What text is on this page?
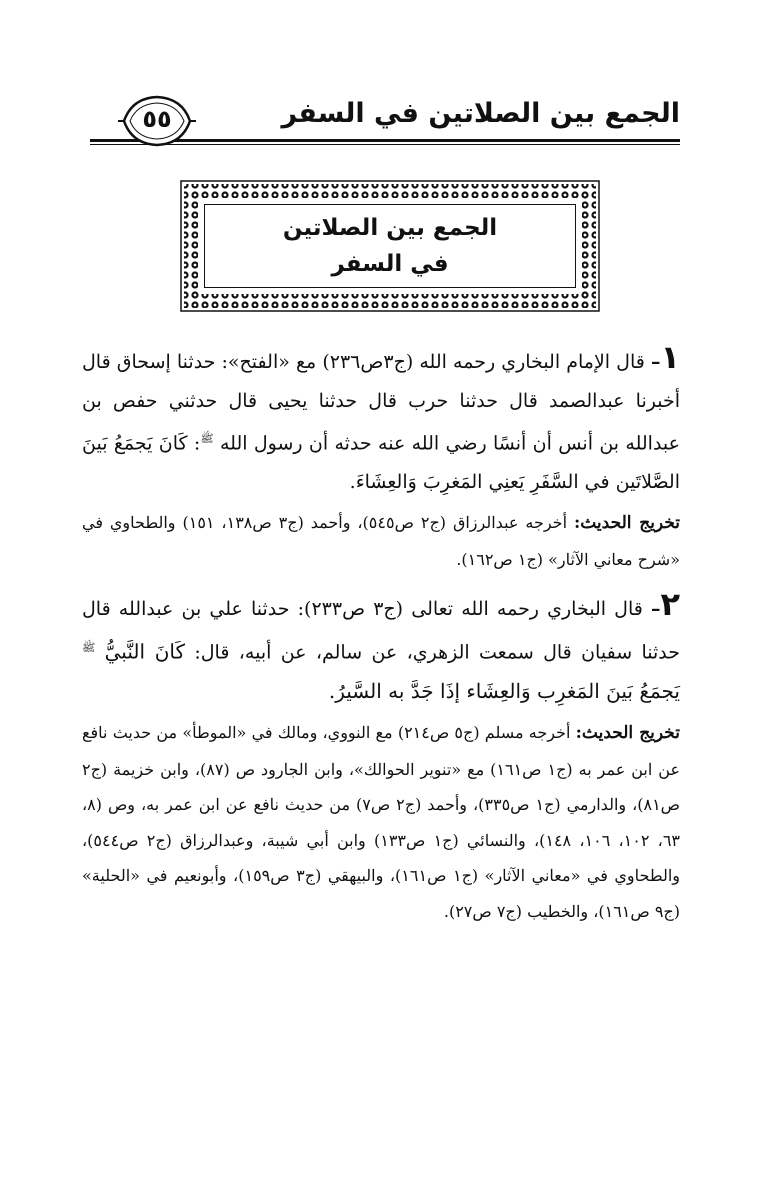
الجمع بين الصلاتين في السفر
٥٥
الجمع بين الصلاتين
في السفر

١– قال الإمام البخاري رحمه الله (ج٣ص٢٣٦) مع «الفتح»: حدثنا إسحاق قال أخبرنا عبدالصمد قال حدثنا حرب قال حدثنا يحيى قال حدثني حفص بن عبدالله بن أنس أن أنسًا رضي الله عنه حدثه أن رسول الله $^ﷺ$: كَانَ يَجمَعُ بَينَ الصَّلاتَين في السَّفَرِ يَعنِي المَغرِبَ وَالعِشَاءَ.

تخريج الحديث: أخرجه عبدالرزاق (ج٢ ص٥٤٥)، وأحمد (ج٣ ص١٣٨، ١٥١) والطحاوي في «شرح معاني الآثار» (ج١ ص١٦٢).

٢– قال البخاري رحمه الله تعالى (ج٣ ص٢٣٣): حدثنا علي بن عبدالله قال حدثنا سفيان قال سمعت الزهري، عن سالم، عن أبيه، قال: كَانَ النَّبيُّ $^ﷺ$ يَجمَعُ بَينَ المَغرِب وَالعِشَاء إذَا جَدَّ به السَّيرُ.

تخريج الحديث: أخرجه مسلم (ج٥ ص٢١٤) مع النووي، ومالك في «الموطأ» من حديث نافع عن ابن عمر به (ج١ ص١٦١) مع «تنوير الحوالك»، وابن الجارود ص (٨٧)، وابن خزيمة (ج٢ ص٨١)، والدارمي (ج١ ص٣٣٥)، وأحمد (ج٢ ص٧) من حديث نافع عن ابن عمر به، وص (٨، ٦٣، ١٠٢، ١٠٦، ١٤٨)، والنسائي (ج١ ص١٣٣) وابن أبي شيبة، وعبدالرزاق (ج٢ ص٥٤٤)، والطحاوي في «معاني الآثار» (ج١ ص١٦١)، والبيهقي (ج٣ ص١٥٩)، وأبونعيم في «الحلية» (ج٩ ص١٦١)، والخطيب (ج٧ ص٢٧).
